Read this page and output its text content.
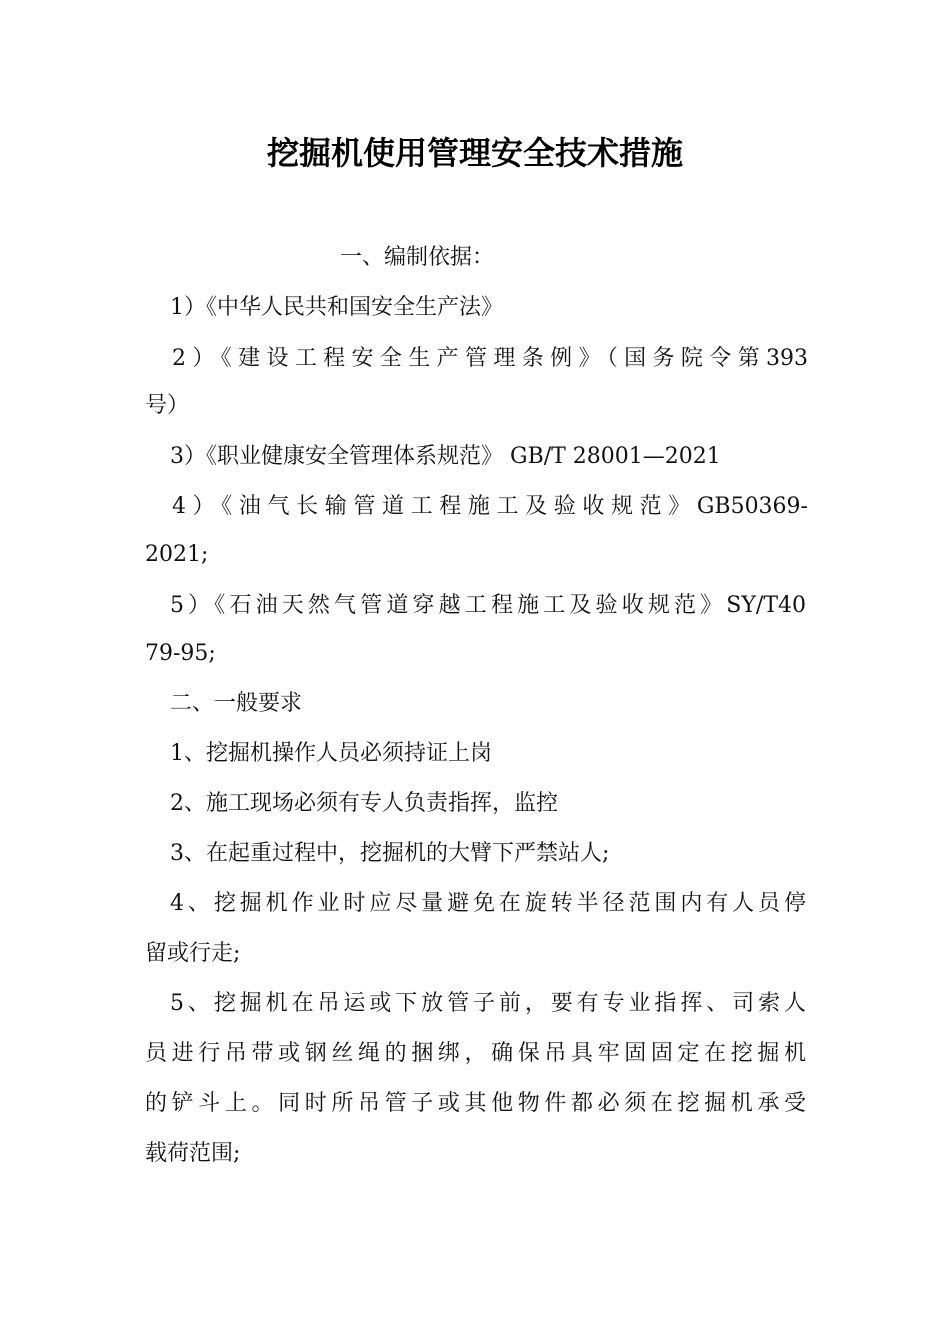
挖掘机使用管理安全技术措施
一、编制依据：
1）《中华人民共和国安全生产法》
2）《建设工程安全生产管理条例》（国务院令第393
号）
3）《职业健康安全管理体系规范》 GB/T 28001—2021
4）《油气长输管道工程施工及验收规范》GB50369-
2021;
5）《石油天然气管道穿越工程施工及验收规范》SY/T40
79-95;
二、一般要求
1、挖掘机操作人员必须持证上岗
2、施工现场必须有专人负责指挥，监控
3、在起重过程中，挖掘机的大臂下严禁站人;
4、挖掘机作业时应尽量避免在旋转半径范围内有人员停
留或行走;
5、挖掘机在吊运或下放管子前，要有专业指挥、司索人
员进行吊带或钢丝绳的捆绑，确保吊具牢固固定在挖掘机
的铲斗上。同时所吊管子或其他物件都必须在挖掘机承受
载荷范围;
